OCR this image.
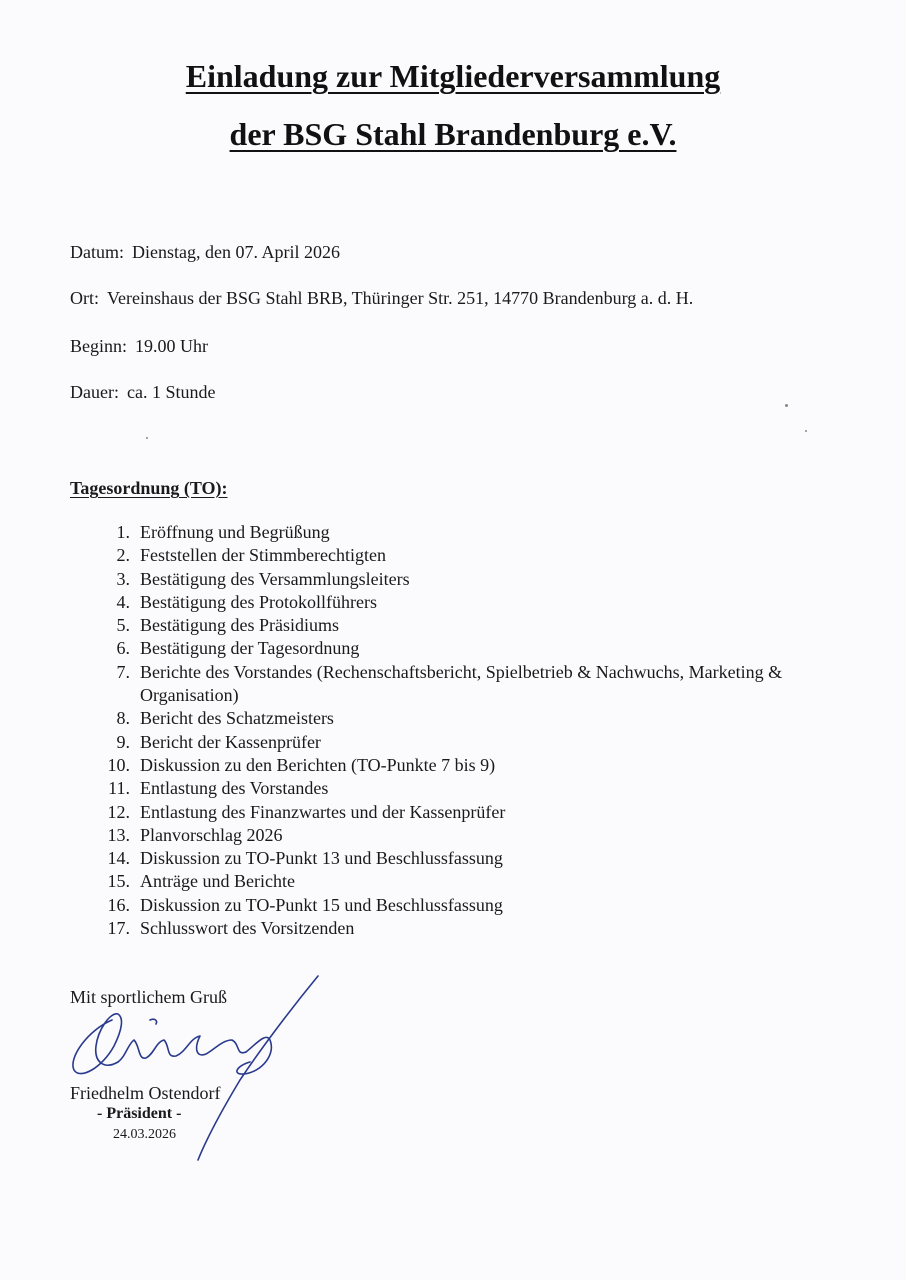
Einladung zur Mitgliederversammlung
der BSG Stahl Brandenburg e.V.
Datum: Dienstag, den 07. April 2026
Ort: Vereinshaus der BSG Stahl BRB, Thüringer Str. 251, 14770 Brandenburg a. d. H.
Beginn: 19.00 Uhr
Dauer: ca. 1 Stunde
Tagesordnung (TO):
1. Eröffnung und Begrüßung
2. Feststellen der Stimmberechtigten
3. Bestätigung des Versammlungsleiters
4. Bestätigung des Protokollführers
5. Bestätigung des Präsidiums
6. Bestätigung der Tagesordnung
7. Berichte des Vorstandes (Rechenschaftsbericht, Spielbetrieb & Nachwuchs, Marketing & Organisation)
8. Bericht des Schatzmeisters
9. Bericht der Kassenprüfer
10. Diskussion zu den Berichten (TO-Punkte 7 bis 9)
11. Entlastung des Vorstandes
12. Entlastung des Finanzwartes und der Kassenprüfer
13. Planvorschlag 2026
14. Diskussion zu TO-Punkt 13 und Beschlussfassung
15. Anträge und Berichte
16. Diskussion zu TO-Punkt 15 und Beschlussfassung
17. Schlusswort des Vorsitzenden
Mit sportlichem Gruß
Friedhelm Ostendorf
- Präsident -
24.03.2026
